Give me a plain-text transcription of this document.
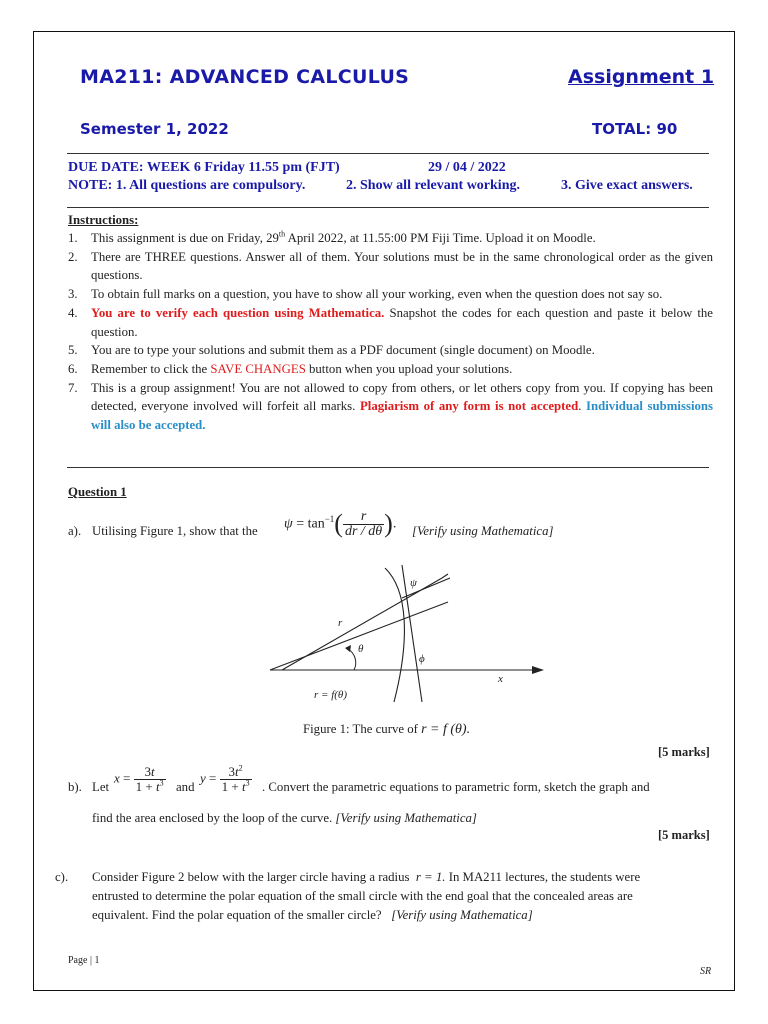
MA211: ADVANCED CALCULUS	Assignment 1
Semester 1, 2022	TOTAL: 90
DUE DATE: WEEK 6 Friday 11.55 pm (FJT)	29 / 04 / 2022
NOTE: 1. All questions are compulsory.	2. Show all relevant working.	3. Give exact answers.
Instructions:
1. This assignment is due on Friday, 29th April 2022, at 11.55:00 PM Fiji Time. Upload it on Moodle.
2. There are THREE questions. Answer all of them. Your solutions must be in the same chronological order as the given questions.
3. To obtain full marks on a question, you have to show all your working, even when the question does not say so.
4. You are to verify each question using Mathematica. Snapshot the codes for each question and paste it below the question.
5. You are to type your solutions and submit them as a PDF document (single document) on Moodle.
6. Remember to click the SAVE CHANGES button when you upload your solutions.
7. This is a group assignment! You are not allowed to copy from others, or let others copy from you. If copying has been detected, everyone involved will forfeit all marks. Plagiarism of any form is not accepted. Individual submissions will also be accepted.
Question 1
a). Utilising Figure 1, show that the $\psi = \tan^{-1}( \frac{r}{dr / d\theta}$ ). [Verify using Mathematica]
r
θ
ψ
ϕ
x
r = f(θ)
Figure 1: The curve of r = f (θ).
[5 marks]
b). Let
$x = \frac{3t}{1 + t^3}$ and
$y = \frac{3t^2}{1 + t^3}$ . Convert the parametric equations to parametric form, sketch the graph and
find the area enclosed by the loop of the curve. [Verify using Mathematica]
[5 marks]
c). Consider Figure 2 below with the larger circle having a radius r = 1. In MA211 lectures, the students were
entrusted to determine the polar equation of the small circle with the end goal that the concealed areas are
equivalent. Find the polar equation of the smaller circle? [Verify using Mathematica]
Page | 1
SR
